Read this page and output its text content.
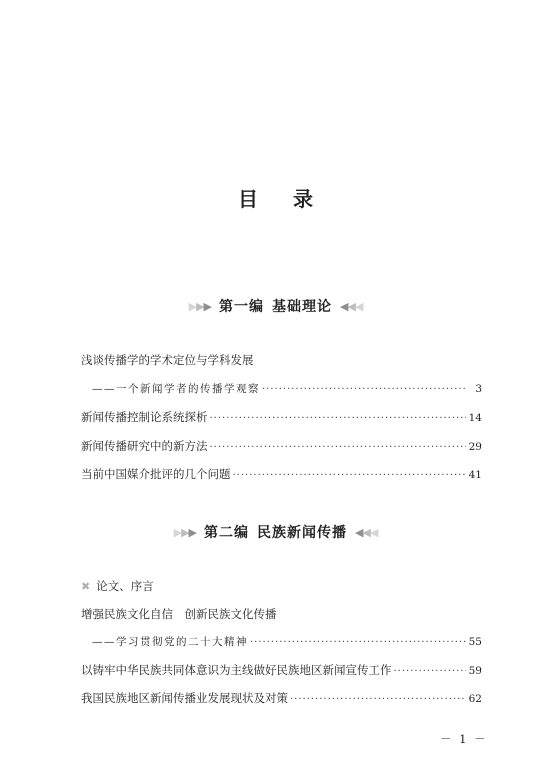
目 录
▶▶▶ 第一编 基础理论 ◀◀◀
浅谈传播学的学术定位与学科发展
——一个新闻学者的传播学观察 ·····	3
新闻传播控制论系统探析 ·····	14
新闻传播研究中的新方法 ·····	29
当前中国媒介批评的几个问题 ·····	41
▶▶▶ 第二编 民族新闻传播 ◀◀◀
✖ 论文、序言
增强民族文化自信　创新民族文化传播
——学习贯彻党的二十大精神 ·····	55
以铸牢中华民族共同体意识为主线做好民族地区新闻宣传工作 ·····	59
我国民族地区新闻传播业发展现状及对策 ·····	62
－ 1 －
